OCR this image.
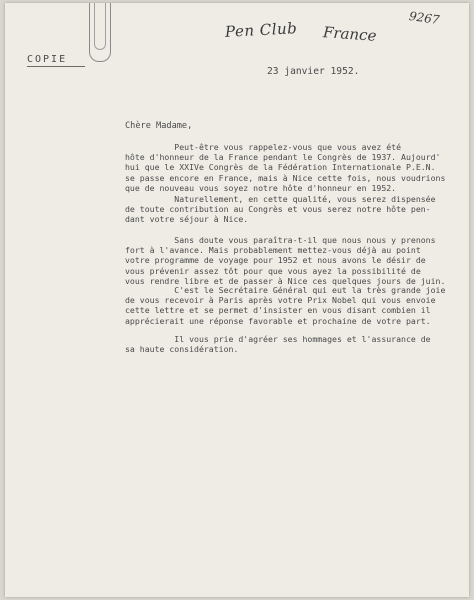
Pen Club France
9267
COPIE
23 janvier 1952.
Chère Madame,
Peut-être vous rappelez-vous que vous avez été
hôte d'honneur de la France pendant le Congrès de 1937. Aujourd'
hui que le XXIVe Congrès de la Fédération Internationale P.E.N.
se passe encore en France, mais à Nice cette fois, nous voudrions
que de nouveau vous soyez notre hôte d'honneur en 1952.
Naturellement, en cette qualité, vous serez dispensée
de toute contribution au Congrès et vous serez notre hôte pen-
dant votre séjour à Nice.
Sans doute vous paraîtra-t-il que nous nous y prenons
fort à l'avance. Mais probablement mettez-vous déjà au point
votre programme de voyage pour 1952 et nous avons le désir de
vous prévenir assez tôt pour que vous ayez la possibilité de
vous rendre libre et de passer à Nice ces quelques jours de juin.
C'est le Secrétaire Général qui eut la très grande joie
de vous recevoir à Paris après votre Prix Nobel qui vous envoie
cette lettre et se permet d'insister en vous disant combien il
apprécierait une réponse favorable et prochaine de votre part.
Il vous prie d'agréer ses hommages et l'assurance de
sa haute considération.
